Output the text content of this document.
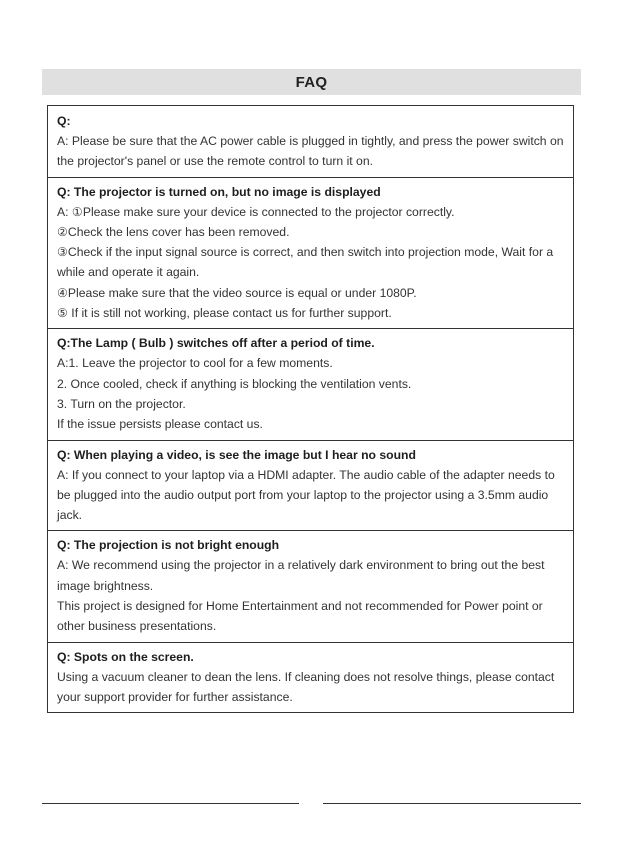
FAQ
Q:
A: Please be sure that the AC power cable is plugged in tightly, and press the power switch on the projector's panel or use the remote control to turn it on.
Q: The projector is turned on, but no image is displayed
A: ①Please make sure your device is connected to the projector correctly.
②Check the lens cover has been removed.
③Check if the input signal source is correct, and then switch into projection mode, Wait for a while and operate it again.
④Please make sure that the video source is equal or under 1080P.
⑤ If it is still not working, please contact us for further support.
Q:The Lamp ( Bulb ) switches off after a period of time.
A:1. Leave the projector to cool for a few moments.
2. Once cooled, check if anything is blocking the ventilation vents.
3. Turn on the projector.
If the issue persists please contact us.
Q: When playing a video, is see the image but I hear no sound
A: If you connect to your laptop via a HDMI adapter. The audio cable of the adapter needs to be plugged into the audio output port from your laptop to the projector using a 3.5mm audio jack.
Q: The projection is not bright enough
A: We recommend using the projector in a relatively dark environment to bring out the best image brightness.
This project is designed for Home Entertainment and not recommended for Power point or other business presentations.
Q: Spots on the screen.
Using a vacuum cleaner to dean the lens. If cleaning does not resolve things, please contact your support provider for further assistance.
